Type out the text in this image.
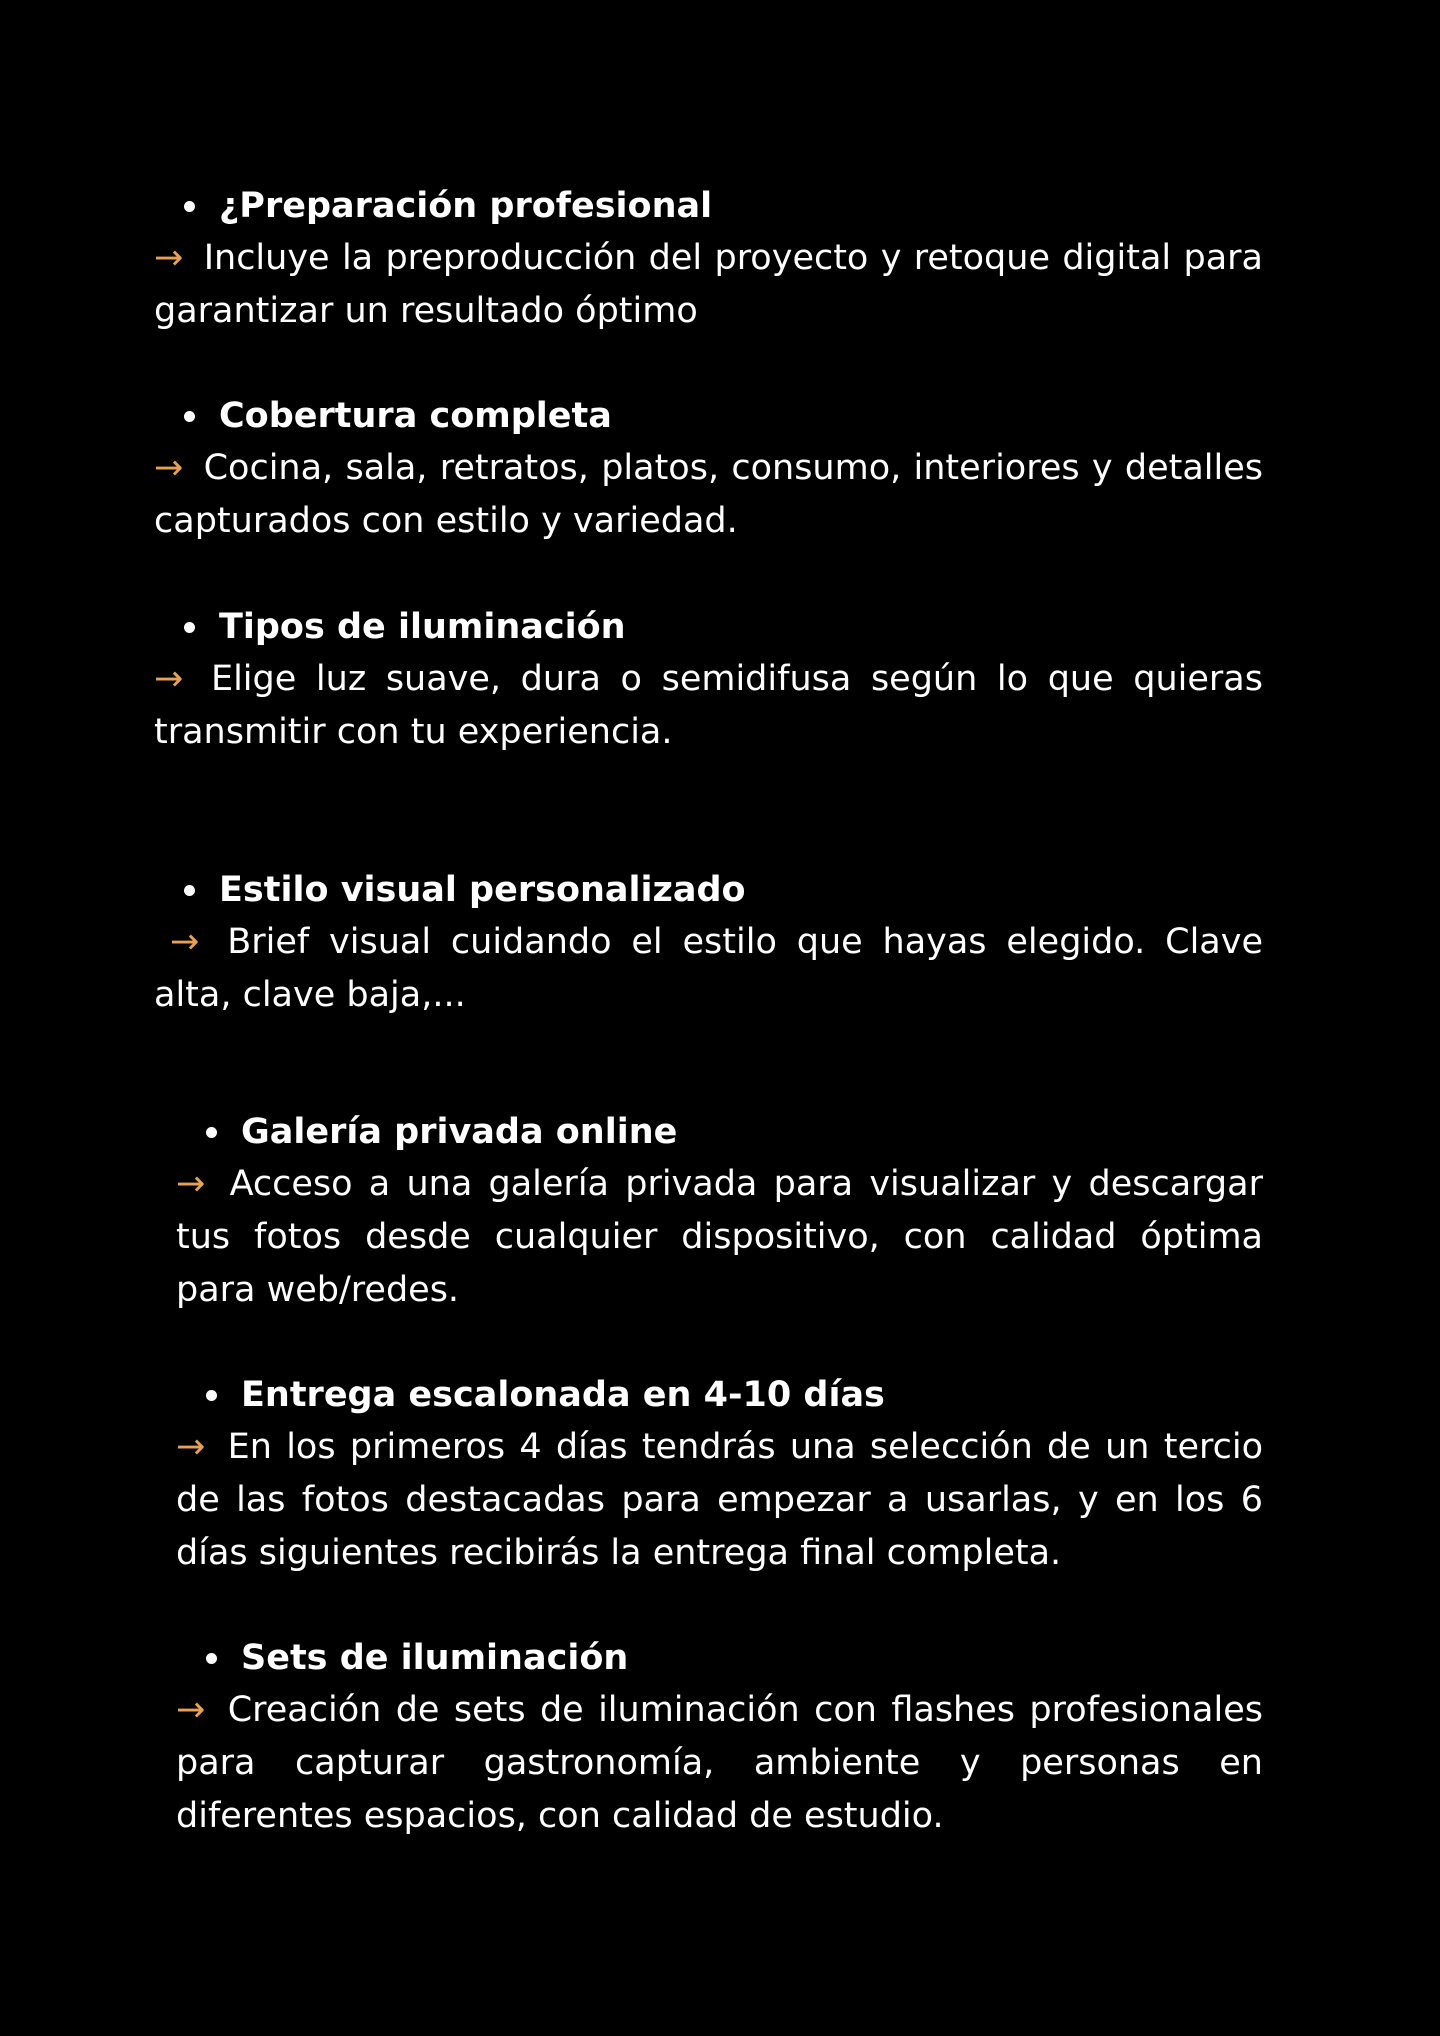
¿Preparación profesional

→ Incluye la preproducción del proyecto y retoque digital para garantizar un resultado óptimo

Cobertura completa

→ Cocina, sala, retratos, platos, consumo, interiores y detalles capturados con estilo y variedad.

Tipos de iluminación

→ Elige luz suave, dura o semidifusa según lo que quieras transmitir con tu experiencia.

Estilo visual personalizado

→ Brief visual cuidando el estilo que hayas elegido. Clave alta, clave baja,...

Galería privada online

→ Acceso a una galería privada para visualizar y descargar tus fotos desde cualquier dispositivo, con calidad óptima para web/redes.

Entrega escalonada en 4-10 días

→ En los primeros 4 días tendrás una selección de un tercio de las fotos destacadas para empezar a usarlas, y en los 6 días siguientes recibirás la entrega final completa.

Sets de iluminación

→ Creación de sets de iluminación con flashes profesionales para capturar gastronomía, ambiente y personas en diferentes espacios, con calidad de estudio.
